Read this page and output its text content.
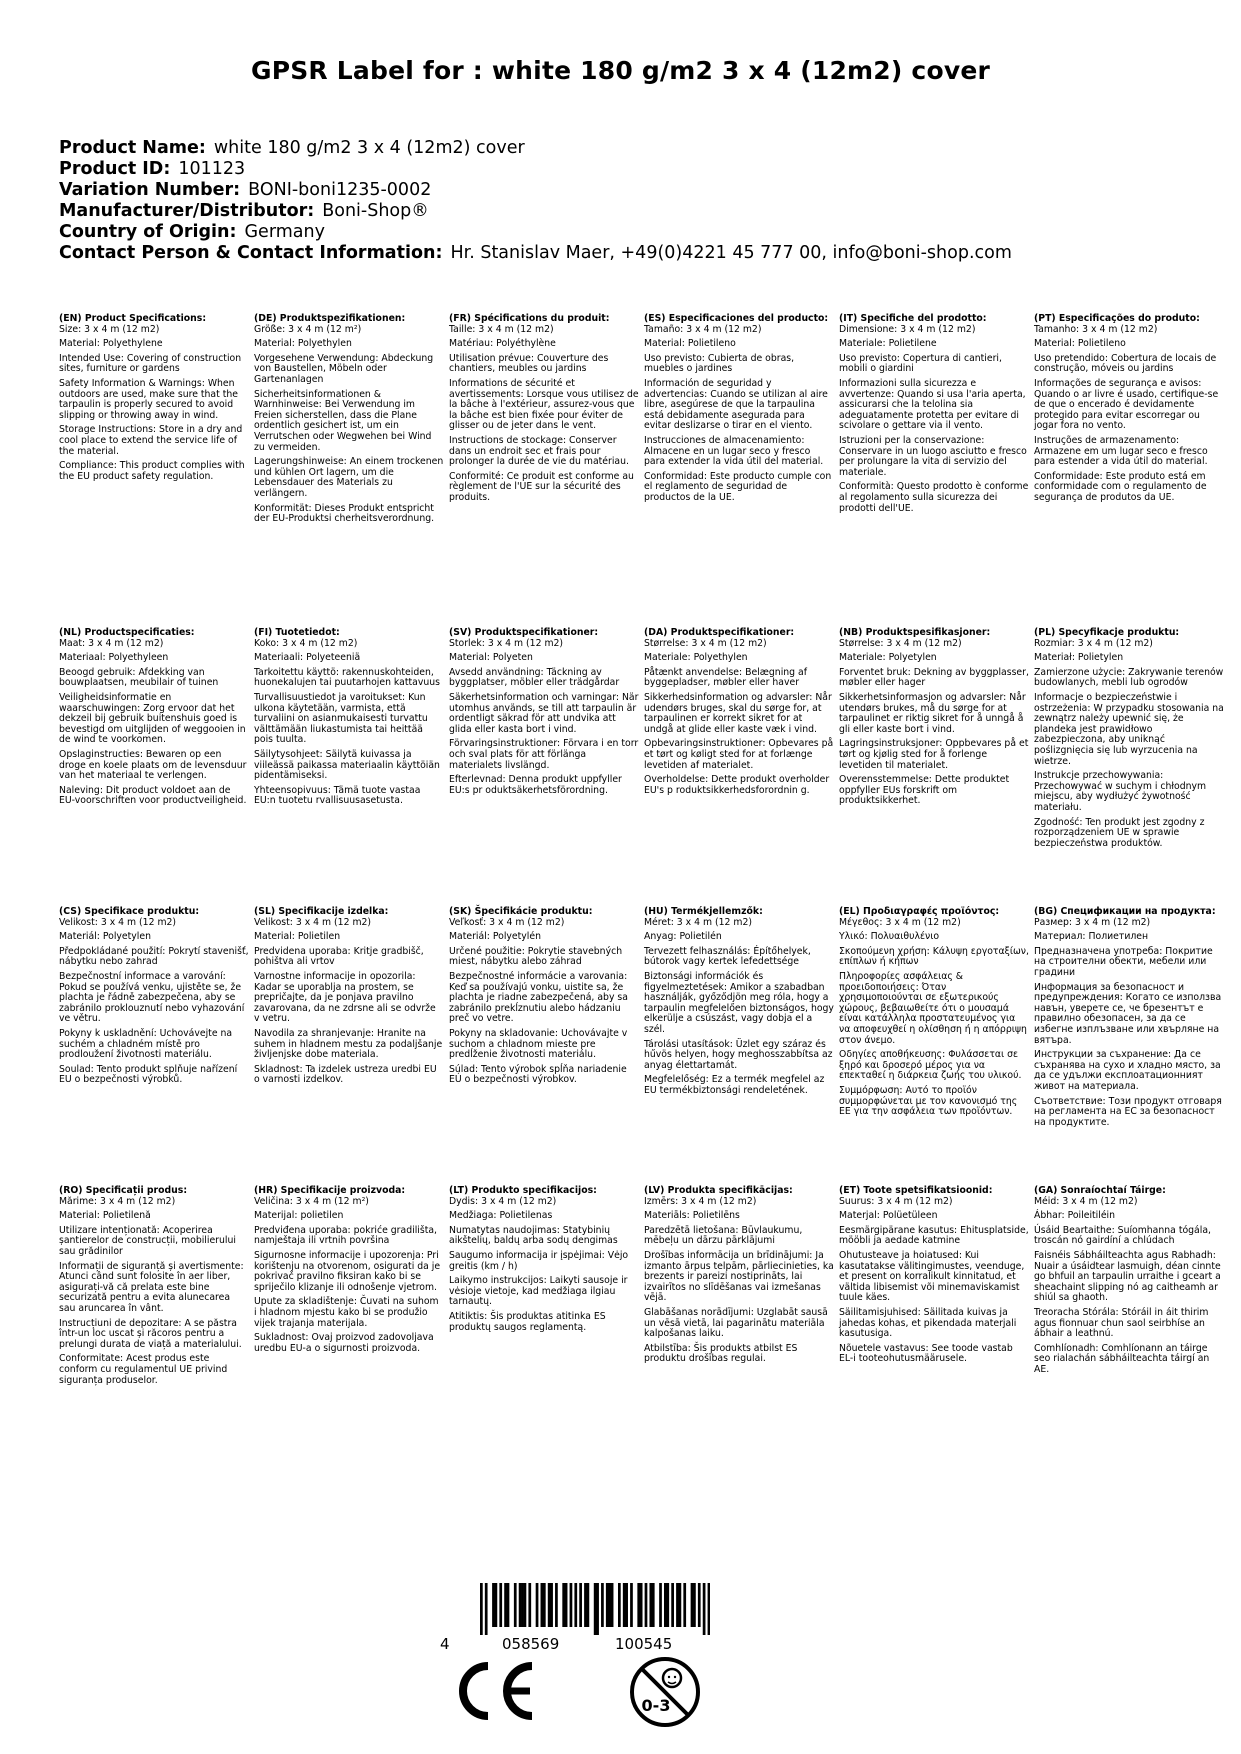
GPSR Label for : white 180 g/m2 3 x 4 (12m2) cover
Product Name: white 180 g/m2 3 x 4 (12m2) cover
Product ID: 101123
Variation Number: BONI-boni1235-0002
Manufacturer/Distributor: Boni-Shop®
Country of Origin: Germany
Contact Person & Contact Information: Hr. Stanislav Maer, +49(0)4221 45 777 00, info@boni-shop.com
(EN) Product Specifications:
Size: 3 x 4 m (12 m2)

Material: Polyethylene

Intended Use: Covering of construction sites, furniture or gardens

Safety Information & Warnings: When outdoors are used, make sure that the tarpaulin is properly secured to avoid slipping or throwing away in wind.

Storage Instructions: Store in a dry and cool place to extend the service life of the material.

Compliance: This product complies with the EU product safety regulation.

(DE) Produktspezifikationen:
Größe: 3 x 4 m (12 m²)

Material: Polyethylen

Vorgesehene Verwendung: Abdeckung von Baustellen, Möbeln oder Gartenanlagen

Sicherheitsinformationen & Warnhinweise: Bei Verwendung im Freien sicherstellen, dass die Plane ordentlich gesichert ist, um ein Verrutschen oder Wegwehen bei Wind zu vermeiden.

Lagerungshinweise: An einem trockenen und kühlen Ort lagern, um die Lebensdauer des Materials zu verlängern.

Konformität: Dieses Produkt entspricht der EU-Produktsi cherheitsverordnung.

(FR) Spécifications du produit:
Taille: 3 x 4 m (12 m2)

Matériau: Polyéthylène

Utilisation prévue: Couverture des chantiers, meubles ou jardins

Informations de sécurité et avertissements: Lorsque vous utilisez de la bâche à l'extérieur, assurez-vous que la bâche est bien fixée pour éviter de glisser ou de jeter dans le vent.

Instructions de stockage: Conserver dans un endroit sec et frais pour prolonger la durée de vie du matériau.

Conformité: Ce produit est conforme au règlement de l'UE sur la sécurité des produits.

(ES) Especificaciones del producto:
Tamaño: 3 x 4 m (12 m2)

Material: Polietileno

Uso previsto: Cubierta de obras, muebles o jardines

Información de seguridad y advertencias: Cuando se utilizan al aire libre, asegúrese de que la tarpaulina está debidamente asegurada para evitar deslizarse o tirar en el viento.

Instrucciones de almacenamiento: Almacene en un lugar seco y fresco para extender la vida útil del material.

Conformidad: Este producto cumple con el reglamento de seguridad de productos de la UE.

(IT) Specifiche del prodotto:
Dimensione: 3 x 4 m (12 m2)

Materiale: Polietilene

Uso previsto: Copertura di cantieri, mobili o giardini

Informazioni sulla sicurezza e avvertenze: Quando si usa l'aria aperta, assicurarsi che la telolina sia adeguatamente protetta per evitare di scivolare o gettare via il vento.

Istruzioni per la conservazione: Conservare in un luogo asciutto e fresco per prolungare la vita di servizio del materiale.

Conformità: Questo prodotto è conforme al regolamento sulla sicurezza dei prodotti dell'UE.

(PT) Especificações do produto:
Tamanho: 3 x 4 m (12 m2)

Material: Polietileno

Uso pretendido: Cobertura de locais de construção, móveis ou jardins

Informações de segurança e avisos: Quando o ar livre é usado, certifique-se de que o encerado é devidamente protegido para evitar escorregar ou jogar fora no vento.

Instruções de armazenamento: Armazene em um lugar seco e fresco para estender a vida útil do material.

Conformidade: Este produto está em conformidade com o regulamento de segurança de produtos da UE.

(NL) Productspecificaties:
Maat: 3 x 4 m (12 m2)

Materiaal: Polyethyleen

Beoogd gebruik: Afdekking van bouwplaatsen, meubilair of tuinen

Veiligheidsinformatie en waarschuwingen: Zorg ervoor dat het dekzeil bij gebruik buitenshuis goed is bevestigd om uitglijden of weggooien in de wind te voorkomen.

Opslaginstructies: Bewaren op een droge en koele plaats om de levensduur van het materiaal te verlengen.

Naleving: Dit product voldoet aan de EU-voorschriften voor productveiligheid.

(FI) Tuotetiedot:
Koko: 3 x 4 m (12 m2)

Materiaali: Polyeteeniä

Tarkoitettu käyttö: rakennuskohteiden, huonekalujen tai puutarhojen kattavuus

Turvallisuustiedot ja varoitukset: Kun ulkona käytetään, varmista, että turvaliini on asianmukaisesti turvattu välttämään liukastumista tai heittää pois tuulta.

Säilytysohjeet: Säilytä kuivassa ja viileässä paikassa materiaalin käyttöiän pidentämiseksi.

Yhteensopivuus: Tämä tuote vastaa EU:n tuotetu rvallisuusasetusta.

(SV) Produktspecifikationer:
Storlek: 3 x 4 m (12 m2)

Material: Polyeten

Avsedd användning: Täckning av byggplatser, möbler eller trädgårdar

Säkerhetsinformation och varningar: När utomhus används, se till att tarpaulin är ordentligt säkrad för att undvika att glida eller kasta bort i vind.

Förvaringsinstruktioner: Förvara i en torr och sval plats för att förlänga materialets livslängd.

Efterlevnad: Denna produkt uppfyller EU:s pr oduktsäkerhetsförordning.

(DA) Produktspecifikationer:
Størrelse: 3 x 4 m (12 m2)

Materiale: Polyethylen

Påtænkt anvendelse: Belægning af byggepladser, møbler eller haver

Sikkerhedsinformation og advarsler: Når udendørs bruges, skal du sørge for, at tarpaulinen er korrekt sikret for at undgå at glide eller kaste væk i vind.

Opbevaringsinstruktioner: Opbevares på et tørt og køligt sted for at forlænge levetiden af materialet.

Overholdelse: Dette produkt overholder EU's p roduktsikkerhedsforordnin g.

(NB) Produktspesifikasjoner:
Størrelse: 3 x 4 m (12 m2)

Materiale: Polyetylen

Forventet bruk: Dekning av byggplasser, møbler eller hager

Sikkerhetsinformasjon og advarsler: Når utendørs brukes, må du sørge for at tarpaulinet er riktig sikret for å unngå å gli eller kaste bort i vind.

Lagringsinstruksjoner: Oppbevares på et tørt og kjølig sted for å forlenge levetiden til materialet.

Overensstemmelse: Dette produktet oppfyller EUs forskrift om produktsikkerhet.

(PL) Specyfikacje produktu:
Rozmiar: 3 x 4 m (12 m2)

Materiał: Polietylen

Zamierzone użycie: Zakrywanie terenów budowlanych, mebli lub ogrodów

Informacje o bezpieczeństwie i ostrzeżenia: W przypadku stosowania na zewnątrz należy upewnić się, że plandeka jest prawidłowo zabezpieczona, aby uniknąć poślizgnięcia się lub wyrzucenia na wietrze.

Instrukcje przechowywania: Przechowywać w suchym i chłodnym miejscu, aby wydłużyć żywotność materiału.

Zgodność: Ten produkt jest zgodny z rozporządzeniem UE w sprawie bezpieczeństwa produktów.

(CS) Specifikace produktu:
Velikost: 3 x 4 m (12 m2)

Materiál: Polyetylen

Předpokládané použití: Pokrytí stavenišť, nábytku nebo zahrad

Bezpečnostní informace a varování: Pokud se používá venku, ujistěte se, že plachta je řádně zabezpečena, aby se zabránilo proklouznutí nebo vyhazování ve větru.

Pokyny k uskladnění: Uchovávejte na suchém a chladném místě pro prodloužení životnosti materiálu.

Soulad: Tento produkt splňuje nařízení EU o bezpečnosti výrobků.

(SL) Specifikacije izdelka:
Velikost: 3 x 4 m (12 m2)

Material: Polietilen

Predvidena uporaba: Kritje gradbišč, pohištva ali vrtov

Varnostne informacije in opozorila: Kadar se uporablja na prostem, se prepričajte, da je ponjava pravilno zavarovana, da ne zdrsne ali se odvrže v vetru.

Navodila za shranjevanje: Hranite na suhem in hladnem mestu za podaljšanje življenjske dobe materiala.

Skladnost: Ta izdelek ustreza uredbi EU o varnosti izdelkov.

(SK) Špecifikácie produktu:
Veľkosť: 3 x 4 m (12 m2)

Materiál: Polyetylén

Určené použitie: Pokrytie stavebných miest, nábytku alebo záhrad

Bezpečnostné informácie a varovania: Keď sa používajú vonku, uistite sa, že plachta je riadne zabezpečená, aby sa zabránilo prekĺznutiu alebo hádzaniu preč vo vetre.

Pokyny na skladovanie: Uchovávajte v suchom a chladnom mieste pre predĺženie životnosti materiálu.

Súlad: Tento výrobok spĺňa nariadenie EÚ o bezpečnosti výrobkov.

(HU) Termékjellemzők:
Méret: 3 x 4 m (12 m2)

Anyag: Polietilén

Tervezett felhasználás: Építőhelyek, bútorok vagy kertek lefedettsége

Biztonsági információk és figyelmeztetések: Amikor a szabadban használják, győződjön meg róla, hogy a tarpaulin megfelelően biztonságos, hogy elkerülje a csúszást, vagy dobja el a szél.

Tárolási utasítások: Üzlet egy száraz és hűvös helyen, hogy meghosszabbítsa az anyag élettartamát.

Megfelelőség: Ez a termék megfelel az EU termékbiztonsági rendeletének.

(EL) Προδιαγραφές προϊόντος:
Μέγεθος: 3 x 4 m (12 m2)

Υλικό: Πολυαιθυλένιο

Σκοπούμενη χρήση: Κάλυψη εργοταξίων, επίπλων ή κήπων

Πληροφορίες ασφάλειας & προειδοποιήσεις: Όταν χρησιμοποιούνται σε εξωτερικούς χώρους, βεβαιωθείτε ότι ο μουσαμά είναι κατάλληλα προστατευμένος για να αποφευχθεί η ολίσθηση ή η απόρριψη στον άνεμο.

Οδηγίες αποθήκευσης: Φυλάσσεται σε ξηρό και δροσερό μέρος για να επεκταθεί η διάρκεια ζωής του υλικού.

Συμμόρφωση: Αυτό το προϊόν συμμορφώνεται με τον κανονισμό της ΕΕ για την ασφάλεια των προϊόντων.

(BG) Спецификации на продукта:
Размер: 3 x 4 m (12 m2)

Материал: Полиетилен

Предназначена употреба: Покритие на строителни обекти, мебели или градини

Информация за безопасност и предупреждения: Когато се използва навън, уверете се, че брезентът е правилно обезопасен, за да се избегне изплъзване или хвърляне на вятъра.

Инструкции за съхранение: Да се съхранява на сухо и хладно място, за да се удължи експлоатационният живот на материала.

Съответствие: Този продукт отговаря на регламента на ЕС за безопасност на продуктите.

(RO) Specificații produs:
Mărime: 3 x 4 m (12 m2)

Material: Polietilenă

Utilizare intenționată: Acoperirea șantierelor de construcții, mobilierului sau grădinilor

Informații de siguranță și avertismente: Atunci când sunt folosite în aer liber, asigurați-vă că prelata este bine securizată pentru a evita alunecarea sau aruncarea în vânt.

Instrucțiuni de depozitare: A se păstra într-un loc uscat și răcoros pentru a prelungi durata de viață a materialului.

Conformitate: Acest produs este conform cu regulamentul UE privind siguranța produselor.

(HR) Specifikacije proizvoda:
Veličina: 3 x 4 m (12 m²)

Materijal: polietilen

Predviđena uporaba: pokriće gradilišta, namještaja ili vrtnih površina

Sigurnosne informacije i upozorenja: Pri korištenju na otvorenom, osigurati da je pokrivač pravilno fiksiran kako bi se spriječilo klizanje ili odnošenje vjetrom.

Upute za skladištenje: Čuvati na suhom i hladnom mjestu kako bi se produžio vijek trajanja materijala.

Sukladnost: Ovaj proizvod zadovoljava uredbu EU-a o sigurnosti proizvoda.

(LT) Produkto specifikacijos:
Dydis: 3 x 4 m (12 m2)

Medžiaga: Polietilenas

Numatytas naudojimas: Statybinių aikštelių, baldų arba sodų dengimas

Saugumo informacija ir įspėjimai: Vėjo greitis (km / h)

Laikymo instrukcijos: Laikyti sausoje ir vėsioje vietoje, kad medžiaga ilgiau tarnautų.

Atitiktis: Šis produktas atitinka ES produktų saugos reglamentą.

(LV) Produkta specifikācijas:
Izmērs: 3 x 4 m (12 m2)

Materiāls: Polietilēns

Paredzētā lietošana: Būvlaukumu, mēbeļu un dārzu pārklājumi

Drošības informācija un brīdinājumi: Ja izmanto ārpus telpām, pārliecinieties, ka brezents ir pareizi nostiprināts, lai izvairītos no slīdēšanas vai izmešanas vējā.

Glabāšanas norādījumi: Uzglabāt sausā un vēsā vietā, lai pagarinātu materiāla kalpošanas laiku.

Atbilstība: Šis produkts atbilst ES produktu drošības regulai.

(ET) Toote spetsifikatsioonid:
Suurus: 3 x 4 m (12 m2)

Materjal: Polüetüleen

Eesmärgipärane kasutus: Ehitusplatside, mööbli ja aedade katmine

Ohutusteave ja hoiatused: Kui kasutatakse välitingimustes, veenduge, et present on korralikult kinnitatud, et vältida libisemist või minemaviskamist tuule käes.

Säilitamisjuhised: Säilitada kuivas ja jahedas kohas, et pikendada materjali kasutusiga.

Nõuetele vastavus: See toode vastab EL-i tooteohutusmäärusele.

(GA) Sonraíochtaí Táirge:
Méid: 3 x 4 m (12 m2)

Ábhar: Poileitiléin

Úsáid Beartaithe: Suíomhanna tógála, troscán nó gairdíní a chlúdach

Faisnéis Sábháilteachta agus Rabhadh: Nuair a úsáidtear lasmuigh, déan cinnte go bhfuil an tarpaulin urraithe i gceart a sheachaint slipping nó ag caitheamh ar shiúl sa ghaoth.

Treoracha Stórála: Stóráil in áit thirim agus fionnuar chun saol seirbhíse an ábhair a leathnú.

Comhlíonadh: Comhlíonann an táirge seo rialachán sábháilteachta táirgí an AE.

4	058569	100545
0-3
